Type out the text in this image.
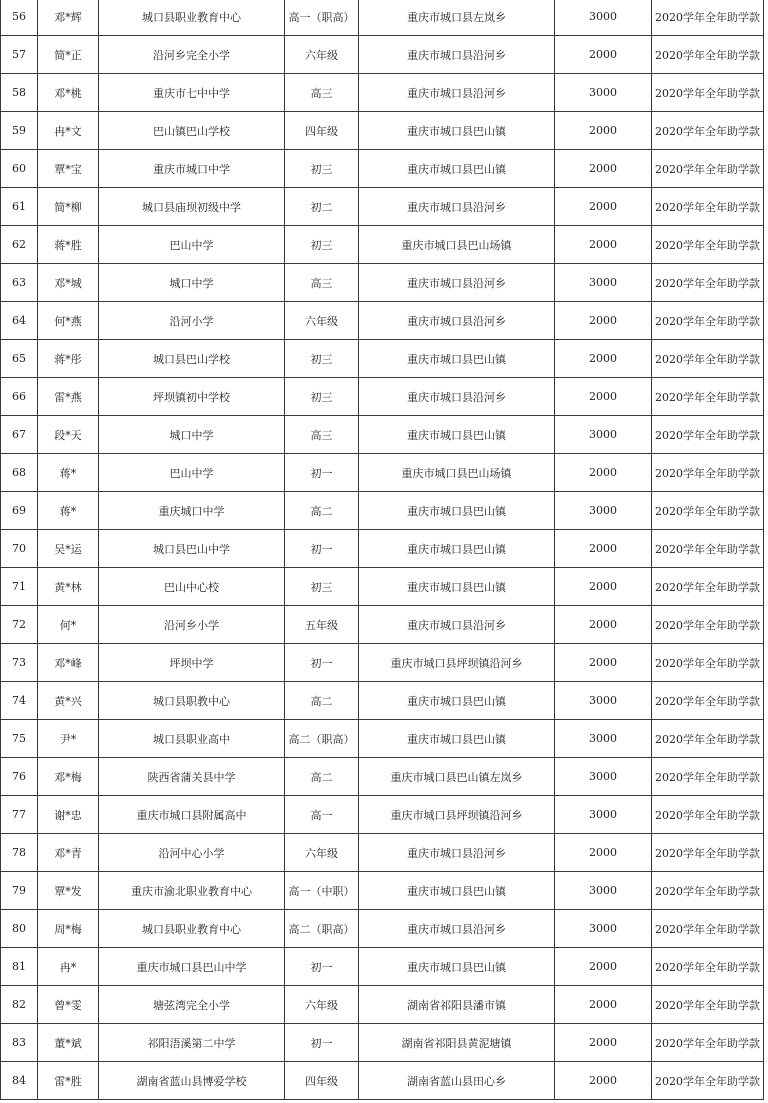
56	邓*辉	城口县职业教育中心	高一（职高）	重庆市城口县左岚乡	3000	2020学年全年助学款
57	简*正	沿河乡完全小学	六年级	重庆市城口县沿河乡	2000	2020学年全年助学款
58	邓*桃	重庆市七中中学	高三	重庆市城口县沿河乡	3000	2020学年全年助学款
59	冉*文	巴山镇巴山学校	四年级	重庆市城口县巴山镇	2000	2020学年全年助学款
60	覃*宝	重庆市城口中学	初三	重庆市城口县巴山镇	2000	2020学年全年助学款
61	简*柳	城口县庙坝初级中学	初二	重庆市城口县沿河乡	2000	2020学年全年助学款
62	蒋*胜	巴山中学	初三	重庆市城口县巴山场镇	2000	2020学年全年助学款
63	邓*城	城口中学	高三	重庆市城口县沿河乡	3000	2020学年全年助学款
64	何*燕	沿河小学	六年级	重庆市城口县沿河乡	2000	2020学年全年助学款
65	蒋*彤	城口县巴山学校	初三	重庆市城口县巴山镇	2000	2020学年全年助学款
66	雷*燕	坪坝镇初中学校	初三	重庆市城口县沿河乡	2000	2020学年全年助学款
67	段*天	城口中学	高三	重庆市城口县巴山镇	3000	2020学年全年助学款
68	蒋*	巴山中学	初一	重庆市城口县巴山场镇	2000	2020学年全年助学款
69	蒋*	重庆城口中学	高二	重庆市城口县巴山镇	3000	2020学年全年助学款
70	吴*运	城口县巴山中学	初一	重庆市城口县巴山镇	2000	2020学年全年助学款
71	黄*林	巴山中心校	初三	重庆市城口县巴山镇	2000	2020学年全年助学款
72	何*	沿河乡小学	五年级	重庆市城口县沿河乡	2000	2020学年全年助学款
73	邓*峰	坪坝中学	初一	重庆市城口县坪坝镇沿河乡	2000	2020学年全年助学款
74	黄*兴	城口县职教中心	高二	重庆市城口县巴山镇	3000	2020学年全年助学款
75	尹*	城口县职业高中	高二（职高）	重庆市城口县巴山镇	3000	2020学年全年助学款
76	邓*梅	陕西省蒲关县中学	高二	重庆市城口县巴山镇左岚乡	3000	2020学年全年助学款
77	谢*忠	重庆市城口县附属高中	高一	重庆市城口县坪坝镇沿河乡	3000	2020学年全年助学款
78	邓*青	沿河中心小学	六年级	重庆市城口县沿河乡	2000	2020学年全年助学款
79	覃*发	重庆市渝北职业教育中心	高一（中职）	重庆市城口县巴山镇	3000	2020学年全年助学款
80	周*梅	城口县职业教育中心	高二（职高）	重庆市城口县沿河乡	3000	2020学年全年助学款
81	冉*	重庆市城口县巴山中学	初一	重庆市城口县巴山镇	2000	2020学年全年助学款
82	曾*雯	塘弦湾完全小学	六年级	湖南省祁阳县潘市镇	2000	2020学年全年助学款
83	董*斌	祁阳浯溪第二中学	初一	湖南省祁阳县黄泥塘镇	2000	2020学年全年助学款
84	雷*胜	湖南省蓝山县博爱学校	四年级	湖南省蓝山县田心乡	2000	2020学年全年助学款
